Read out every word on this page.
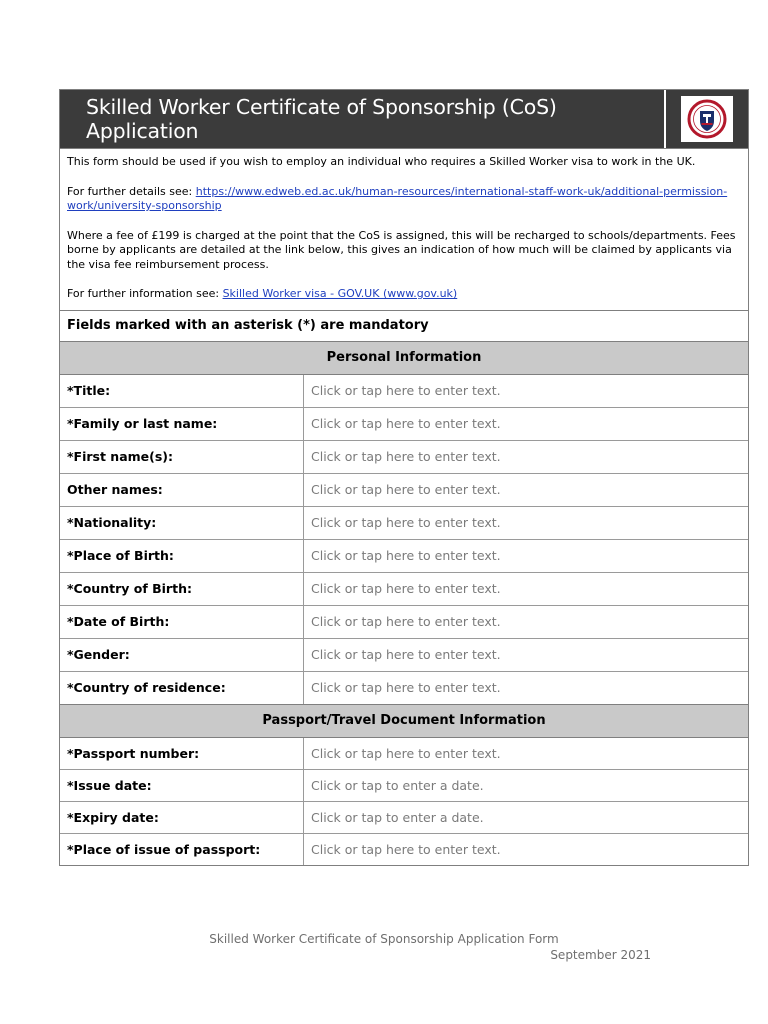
Skilled Worker Certificate of Sponsorship (CoS) Application

This form should be used if you wish to employ an individual who requires a Skilled Worker visa to work in the UK.

For further details see: https://www.edweb.ed.ac.uk/human-resources/international-staff-work-uk/additional-permission-work/university-sponsorship

Where a fee of £199 is charged at the point that the CoS is assigned, this will be recharged to schools/departments. Fees borne by applicants are detailed at the link below, this gives an indication of how much will be claimed by applicants via the visa fee reimbursement process.

For further information see: Skilled Worker visa - GOV.UK (www.gov.uk)

Fields marked with an asterisk (*) are mandatory
Personal Information
*Title:	Click or tap here to enter text.
*Family or last name:	Click or tap here to enter text.
*First name(s):	Click or tap here to enter text.
Other names:	Click or tap here to enter text.
*Nationality:	Click or tap here to enter text.
*Place of Birth:	Click or tap here to enter text.
*Country of Birth:	Click or tap here to enter text.
*Date of Birth:	Click or tap here to enter text.
*Gender:	Click or tap here to enter text.
*Country of residence:	Click or tap here to enter text.
Passport/Travel Document Information
*Passport number:	Click or tap here to enter text.
*Issue date:	Click or tap to enter a date.
*Expiry date:	Click or tap to enter a date.
*Place of issue of passport:	Click or tap here to enter text.
Skilled Worker Certificate of Sponsorship Application Form
September 2021
